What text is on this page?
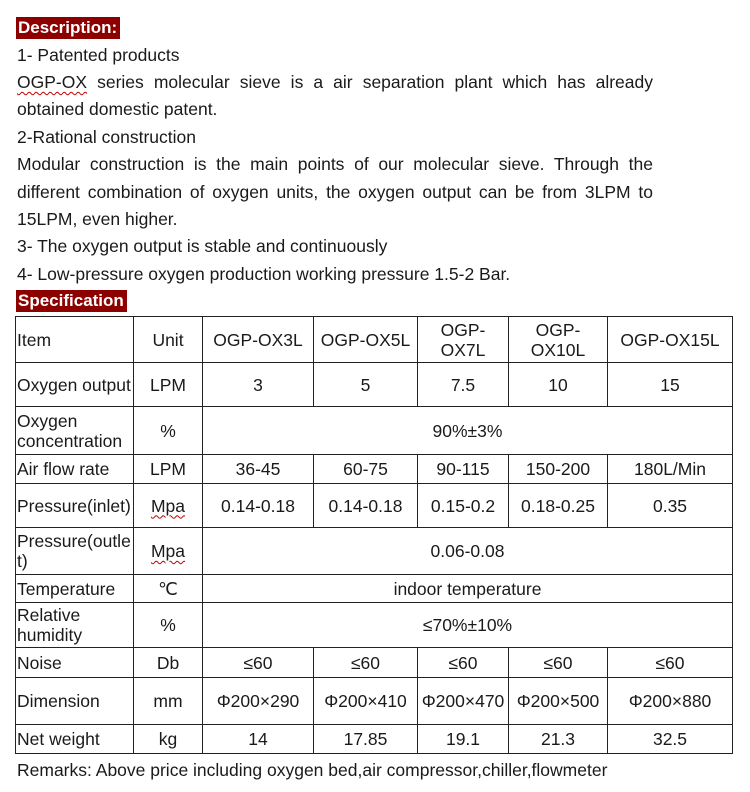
Description:
1- Patented products
OGP-OX series molecular sieve is a air separation plant which has already
obtained domestic patent.
2-Rational construction
Modular construction is the main points of our molecular sieve. Through the
different combination of oxygen units, the oxygen output can be from 3LPM to
15LPM, even higher.
3- The oxygen output is stable and continuously
4- Low-pressure oxygen production working pressure 1.5-2 Bar.
Specification
Item	Unit	OGP-OX3L	OGP-OX5L	OGP-OX7L	OGP-OX10L	OGP-OX15L
Oxygen output	LPM	3	5	7.5	10	15
Oxygen concentration	%	90%±3%				
Air flow rate	LPM	36-45	60-75	90-115	150-200	180L/Min
Pressure(inlet)	Mpa	0.14-0.18	0.14-0.18	0.15-0.2	0.18-0.25	0.35
Pressure(outlet)	Mpa	0.06-0.08				
Temperature	℃	indoor temperature				
Relative humidity	%	≤70%±10%				
Noise	Db	≤60	≤60	≤60	≤60	≤60
Dimension	mm	Φ200×290	Φ200×410	Φ200×470	Φ200×500	Φ200×880
Net weight	kg	14	17.85	19.1	21.3	32.5
Remarks: Above price including oxygen bed,air compressor,chiller,flowmeter
